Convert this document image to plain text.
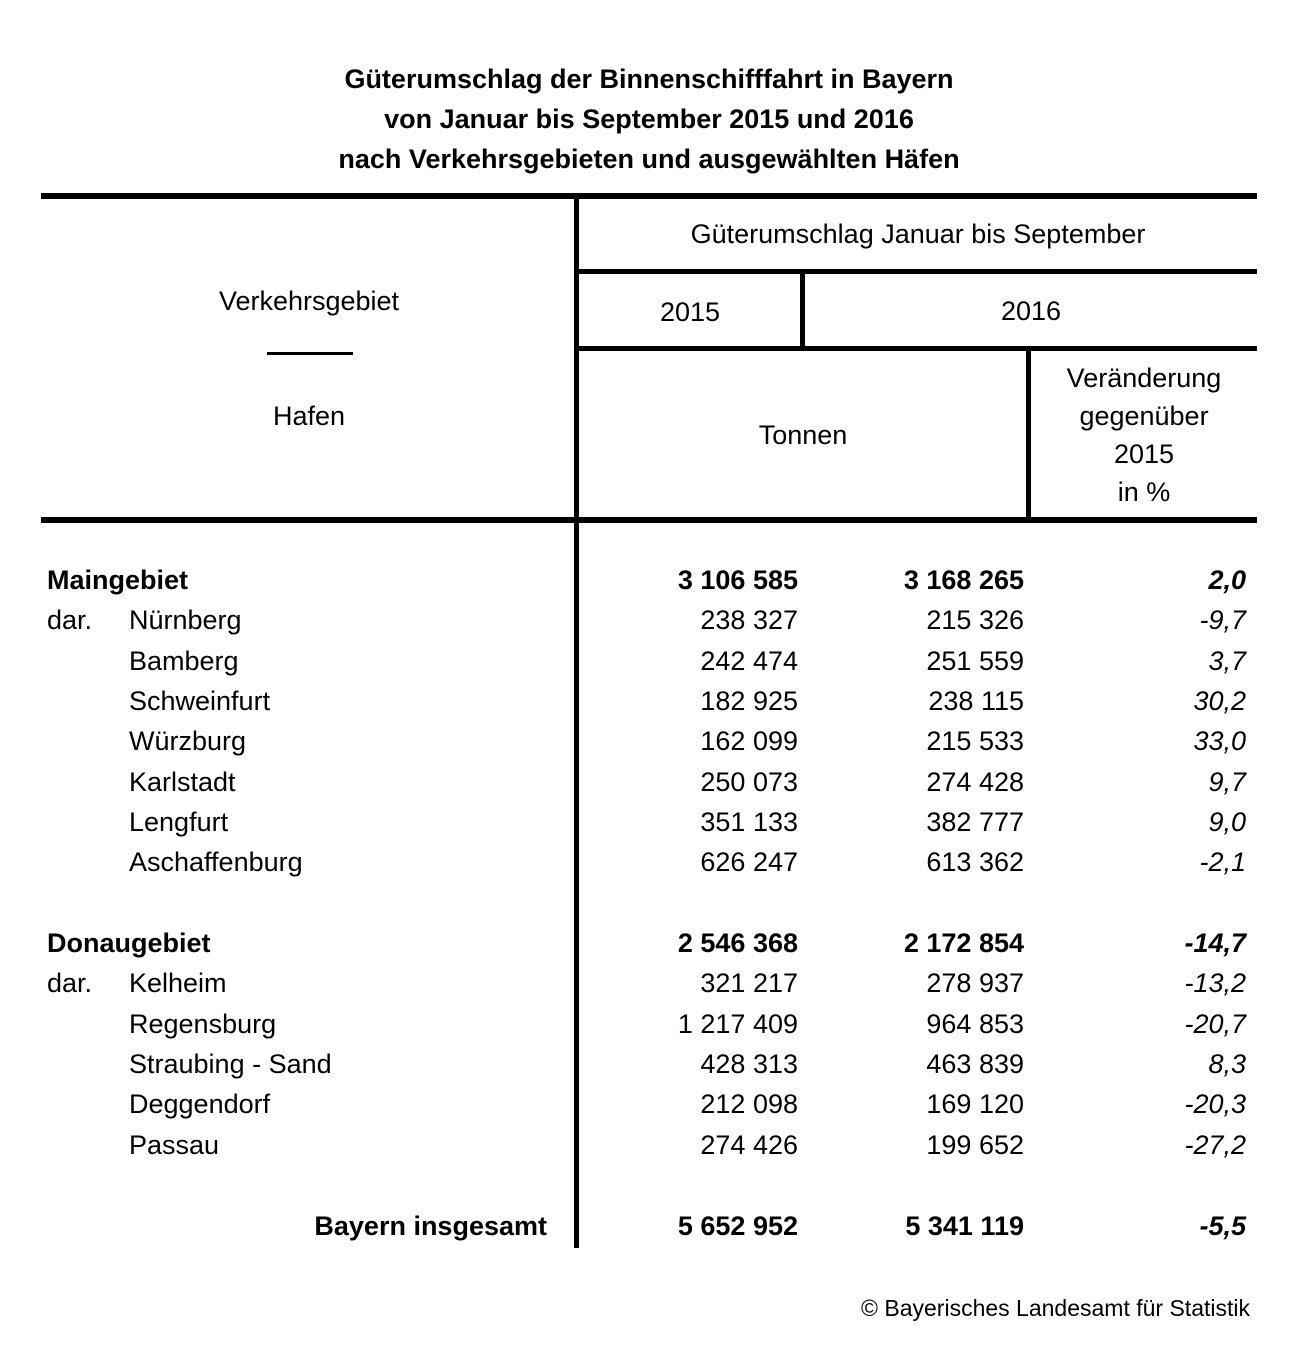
Güterumschlag der Binnenschifffahrt in Bayern
von Januar bis September 2015 und 2016
nach Verkehrsgebieten und ausgewählten Häfen
Verkehrsgebiet
Hafen
Güterumschlag Januar bis September
2015	2016
Tonnen
Veränderung
gegenüber
2015
in %
Maingebiet	3 106 585	3 168 265	2,0
dar. Nürnberg	238 327	215 326	-9,7
Bamberg	242 474	251 559	3,7
Schweinfurt	182 925	238 115	30,2
Würzburg	162 099	215 533	33,0
Karlstadt	250 073	274 428	9,7
Lengfurt	351 133	382 777	9,0
Aschaffenburg	626 247	613 362	-2,1
Donaugebiet	2 546 368	2 172 854	-14,7
dar. Kelheim	321 217	278 937	-13,2
Regensburg	1 217 409	964 853	-20,7
Straubing - Sand	428 313	463 839	8,3
Deggendorf	212 098	169 120	-20,3
Passau	274 426	199 652	-27,2
Bayern insgesamt	5 652 952	5 341 119	-5,5
© Bayerisches Landesamt für Statistik
